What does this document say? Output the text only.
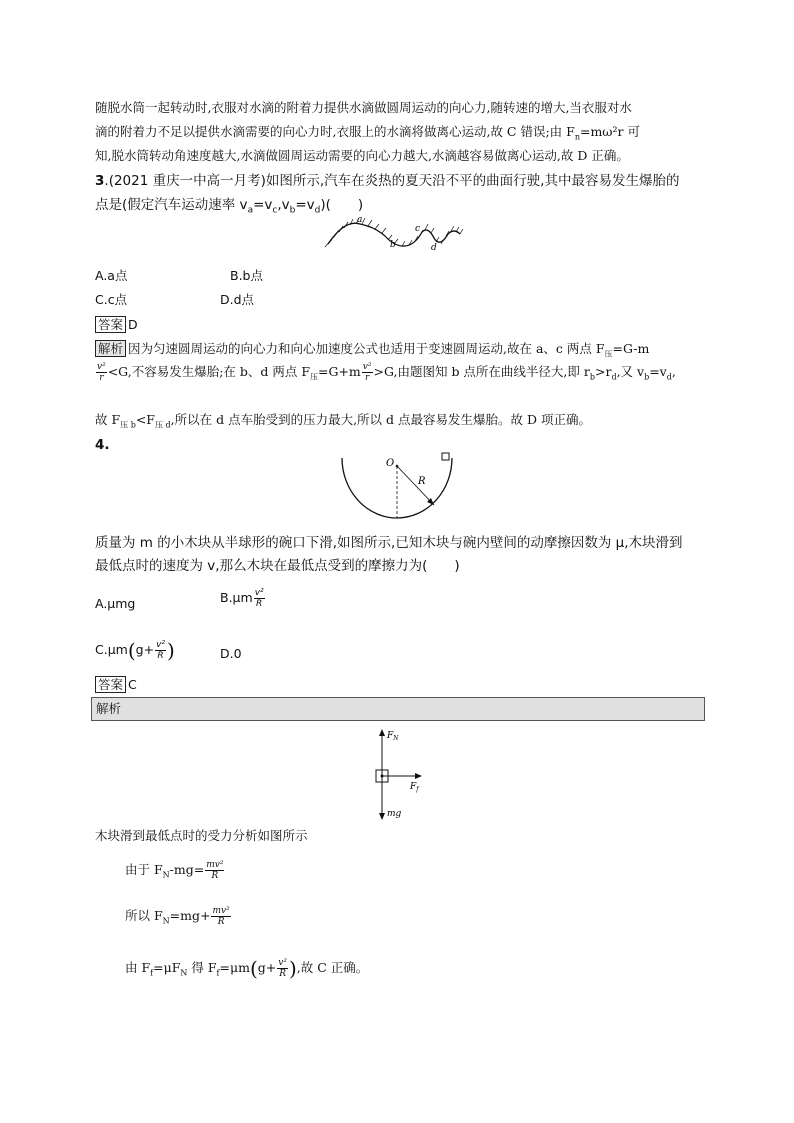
随脱水筒一起转动时,衣服对水滴的附着力提供水滴做圆周运动的向心力,随转速的增大,当衣服对水
滴的附着力不足以提供水滴需要的向心力时,衣服上的水滴将做离心运动,故 C 错误;由 $F_n=m\omega^2r$ 可
知,脱水筒转动角速度越大,水滴做圆周运动需要的向心力越大,水滴越容易做离心运动,故 D 正确。
3.(2021 重庆一中高一月考)如图所示,汽车在炎热的夏天沿不平的曲面行驶,其中最容易发生爆胎的
点是(假定汽车运动速率 $v_a=v_c,v_b=v_d$)(　　)
a
b
c
d
A.a点	B.b点
C.c点	D.d点
答案 D
解析 因为匀速圆周运动的向心力和向心加速度公式也适用于变速圆周运动,故在 a、c 两点 $F_压=G-m$
$\frac{\text{v²}}{r} <G$,不容易发生爆胎;在 b、d 两点 $F_压=G+m \frac{\text{v²}}{r} >G$,由题图知 b 点所在曲线半径大,即 $r_b>r_d$,又 $v_b=v_d$,
故 $F_{压 b}<F_{压 d}$,所以在 d 点车胎受到的压力最大,所以 d 点最容易发生爆胎。故 D 项正确。
4.
O
R
质量为 m 的小木块从半球形的碗口下滑,如图所示,已知木块与碗内壁间的动摩擦因数为 μ,木块滑到
最低点时的速度为 v,那么木块在最低点受到的摩擦力为(　　)
A.μmg	$B.\mu m \frac{\text{v²}}{R}$
$C.\mu m(g+ \frac{\text{v²}}{R}$ )	D.0
答案 C
解析
$F_N$
$F_f$
mg
木块滑到最低点时的受力分析如图所示
由于 $F_N-mg= \frac{\text{mv²}}{R}$
所以 $F_N=mg+ \frac{\text{mv²}}{R}$
由 $F_f=\mu F_N$ 得 $F_f=\mu m(g+ \frac{\text{v²}}{R}$ ),故 C 正确。
